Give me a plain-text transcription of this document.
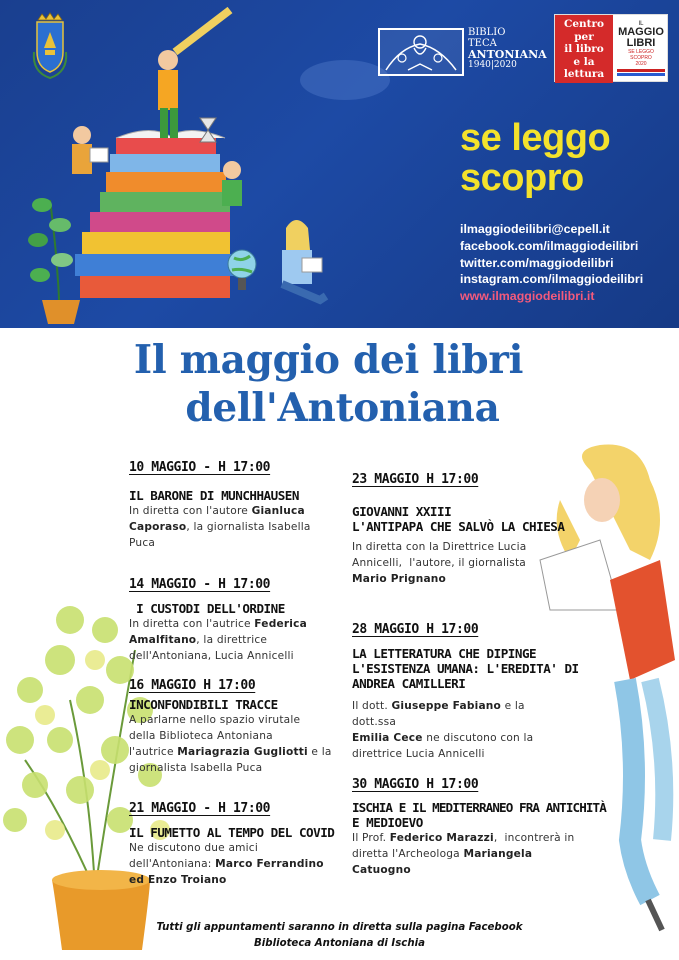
BIBLIO
TECA
ANTONIANA
1940|2020
Centro
per
il libro
e la
lettura
IL
MAGGIO
LIBRI
SE LEGGO SCOPRO
2020
se leggo
scopro
ilmaggiodeilibri@cepell.it
facebook.com/ilmaggiodeilibri
twitter.com/maggiodeilibri
instagram.com/ilmaggiodeilibri
www.ilmaggiodeilibri.it
Il maggio dei libri
dell'Antoniana
10 MAGGIO - H 17:00
IL BARONE DI MUNCHHAUSEN
In diretta con l'autore Gianluca
Caporaso, la giornalista Isabella
Puca
14 MAGGIO - H 17:00
I CUSTODI DELL'ORDINE
In diretta con l'autrice Federica
Amalfitano, la direttrice
dell'Antoniana, Lucia Annicelli
16 MAGGIO H 17:00
INCONFONDIBILI TRACCE
A parlarne nello spazio virutale
della Biblioteca Antoniana
l'autrice Mariagrazia Gugliotti e la
giornalista Isabella Puca
21 MAGGIO - H 17:00
IL FUMETTO AL TEMPO DEL COVID
Ne discutono due amici
dell'Antoniana: Marco Ferrandino
ed Enzo Troiano
23 MAGGIO H 17:00
GIOVANNI XXIII
L'ANTIPAPA CHE SALVÒ LA CHIESA
In diretta con la Direttrice Lucia
Annicelli,  l'autore, il giornalista
Mario Prignano
28 MAGGIO H 17:00
LA LETTERATURA CHE DIPINGE
L'ESISTENZA UMANA: L'EREDITA' DI
ANDREA CAMILLERI
Il dott. Giuseppe Fabiano e la dott.ssa
Emilia Cece ne discutono con la
direttrice Lucia Annicelli
30 MAGGIO H 17:00
ISCHIA E IL MEDITERRANEO FRA ANTICHITÀ
E MEDIOEVO
Il Prof. Federico Marazzi,  incontrerà in
diretta l'Archeologa Mariangela
Catuogno
Tutti gli appuntamenti saranno in diretta sulla pagina Facebook
Biblioteca Antoniana di Ischia
